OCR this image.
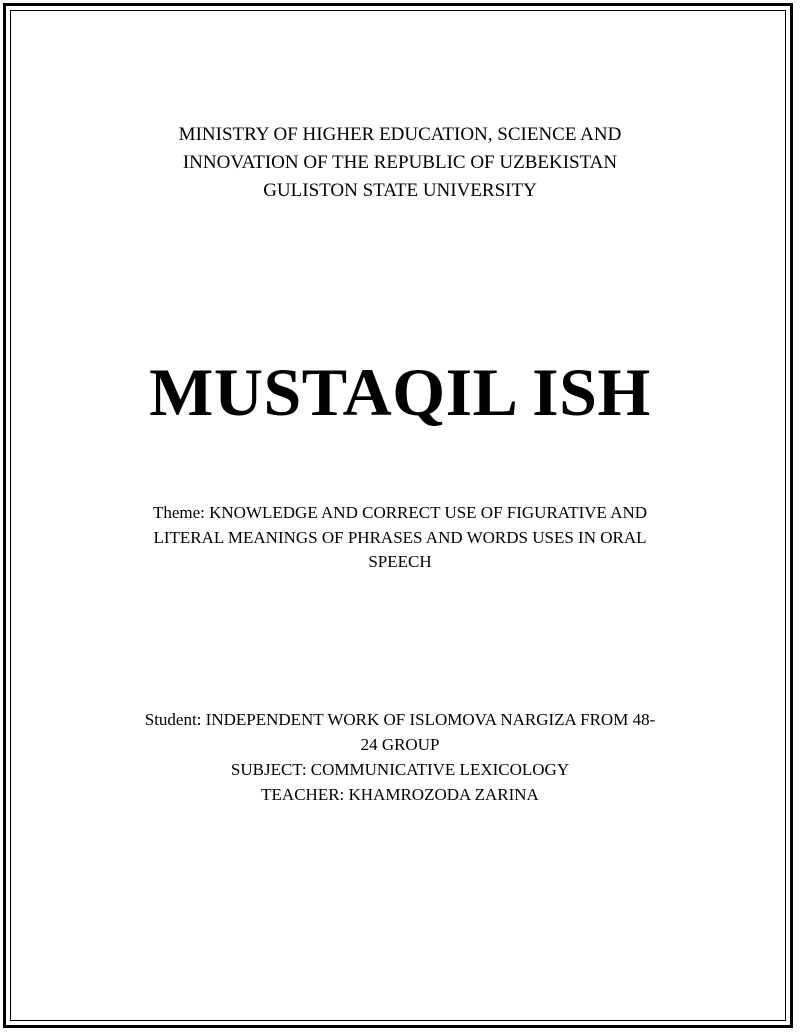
MINISTRY OF HIGHER EDUCATION, SCIENCE AND
INNOVATION OF THE REPUBLIC OF UZBEKISTAN
GULISTON STATE UNIVERSITY
MUSTAQIL ISH
Theme: KNOWLEDGE AND CORRECT USE OF FIGURATIVE AND
LITERAL MEANINGS OF PHRASES AND WORDS USES IN ORAL
SPEECH
Student: INDEPENDENT WORK OF ISLOMOVA NARGIZA FROM 48-
24 GROUP
SUBJECT: COMMUNICATIVE LEXICOLOGY
TEACHER: KHAMROZODA ZARINA
